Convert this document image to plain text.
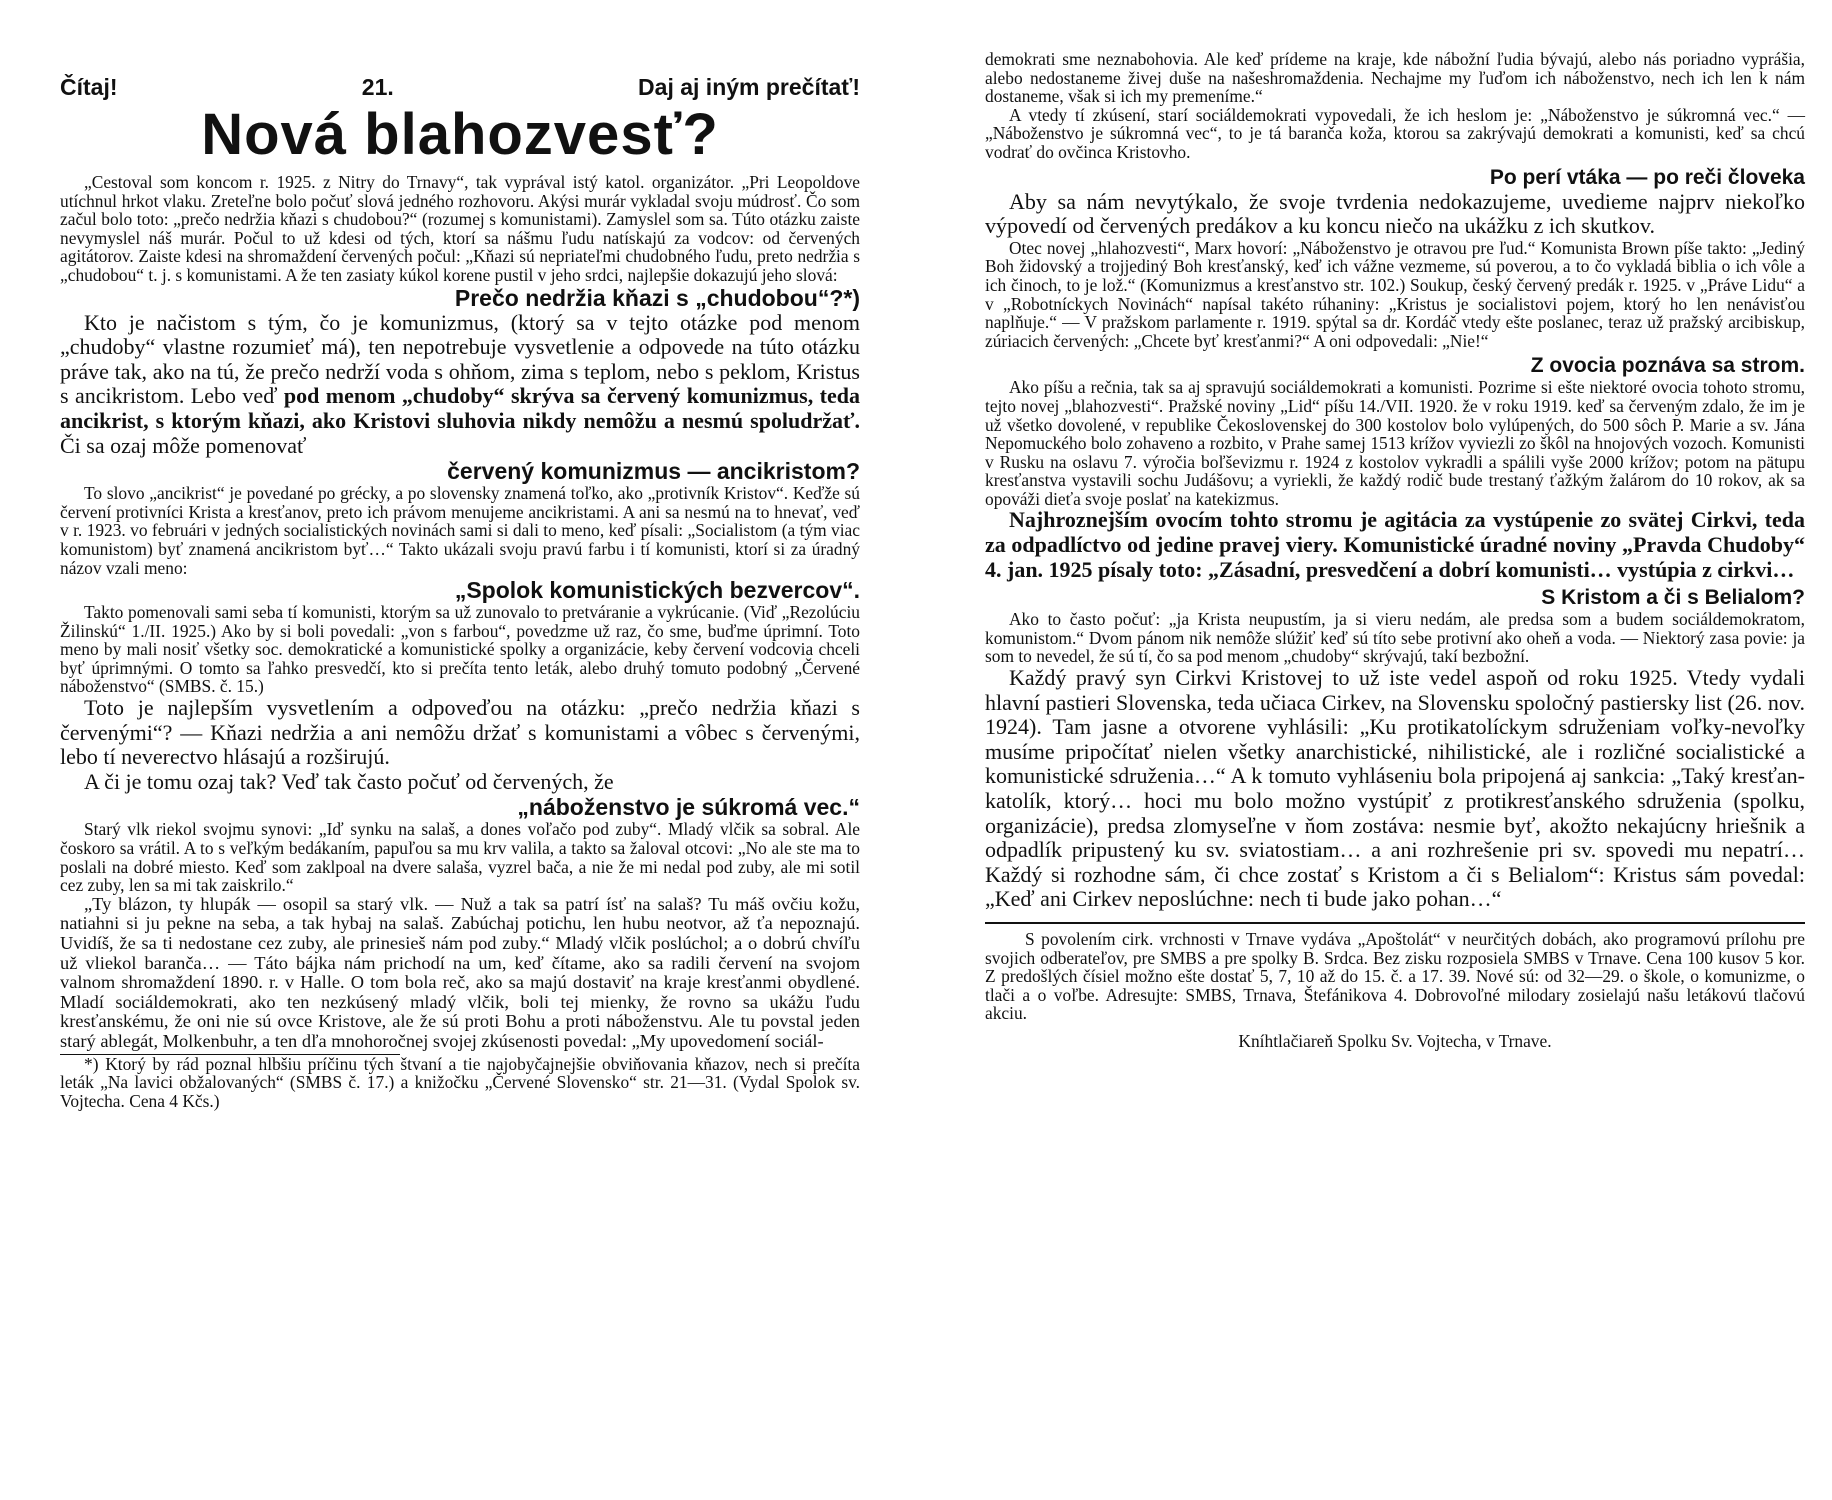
Čítaj!	21.	Daj aj iným prečítať!
Nová blahozvesť?

„Cestoval som koncom r. 1925. z Nitry do Trnavy“, tak vyprával istý katol. organizátor. „Pri Leopoldove utíchnul hrkot vlaku. Zreteľne bolo počuť slová jedného rozhovoru. Akýsi murár vykladal svoju múdrosť. Čo som začul bolo toto: „prečo nedržia kňazi s chudobou?“ (rozumej s komunistami). Zamyslel som sa. Túto otázku zaiste nevymyslel náš murár. Počul to už kdesi od tých, ktorí sa nášmu ľudu natískajú za vodcov: od červených agitátorov. Zaiste kdesi na shromaždení červených počul: „Kňazi sú nepriateľmi chudobného ľudu, preto nedržia s „chudobou“ t. j. s komunistami. A že ten zasiaty kúkol korene pustil v jeho srdci, najlepšie dokazujú jeho slová:

Prečo nedržia kňazi s „chudobou“?*)

Kto je načistom s tým, čo je komunizmus, (ktorý sa v tejto otázke pod menom „chudoby“ vlastne rozumieť má), ten nepotrebuje vysvetlenie a odpovede na túto otázku práve tak, ako na tú, že prečo nedrží voda s ohňom, zima s teplom, nebo s peklom, Kristus s ancikristom. Lebo veď pod menom „chudoby“ skrýva sa červený komunizmus, teda ancikrist, s ktorým kňazi, ako Kristovi sluhovia nikdy nemôžu a nesmú spoludržať. Či sa ozaj môže pomenovať

červený komunizmus — ancikristom?

To slovo „ancikrist“ je povedané po grécky, a po slovensky znamená toľko, ako „protivník Kristov“. Keďže sú červení protivníci Krista a kresťanov, preto ich právom menujeme ancikristami. A ani sa nesmú na to hnevať, veď v r. 1923. vo februári v jedných socialistických novinách sami si dali to meno, keď písali: „Socialistom (a tým viac komunistom) byť znamená ancikristom byť…“ Takto ukázali svoju pravú farbu i tí komunisti, ktorí si za úradný názov vzali meno:

„Spolok komunistických bezvercov“.

Takto pomenovali sami seba tí komunisti, ktorým sa už zunovalo to pretváranie a vykrúcanie. (Viď „Rezolúciu Žilinskú“ 1./II. 1925.) Ako by si boli povedali: „von s farbou“, povedzme už raz, čo sme, buďme úprimní. Toto meno by mali nosiť všetky soc. demokratické a komunistické spolky a organizácie, keby červení vodcovia chceli byť úprimnými. O tomto sa ľahko presvedčí, kto si prečíta tento leták, alebo druhý tomuto podobný „Červené náboženstvo“ (SMBS. č. 15.)

Toto je najlepším vysvetlením a odpoveďou na otázku: „prečo nedržia kňazi s červenými“? — Kňazi nedržia a ani nemôžu držať s komunistami a vôbec s červenými, lebo tí neverectvo hlásajú a rozširujú.

A či je tomu ozaj tak? Veď tak často počuť od červených, že

„náboženstvo je súkromá vec.“

Starý vlk riekol svojmu synovi: „Iď synku na salaš, a dones voľačo pod zuby“. Mladý vlčik sa sobral. Ale čoskoro sa vrátil. A to s veľkým bedákaním, papuľou sa mu krv valila, a takto sa žaloval otcovi: „No ale ste ma to poslali na dobré miesto. Keď som zaklpoal na dvere salaša, vyzrel bača, a nie že mi nedal pod zuby, ale mi sotil cez zuby, len sa mi tak zaiskrilo.“

„Ty blázon, ty hlupák — osopil sa starý vlk. — Nuž a tak sa patrí ísť na salaš? Tu máš ovčiu kožu, natiahni si ju pekne na seba, a tak hybaj na salaš. Zabúchaj potichu, len hubu neotvor, až ťa nepoznajú. Uvidíš, že sa ti nedostane cez zuby, ale prinesieš nám pod zuby.“ Mladý vlčik poslúchol; a o dobrú chvíľu už vliekol baranča… — Táto bájka nám prichodí na um, keď čítame, ako sa radili červení na svojom valnom shromaždení 1890. r. v Halle. O tom bola reč, ako sa majú dostaviť na kraje kresťanmi obydlené. Mladí sociáldemokrati, ako ten nezkúsený mladý vlčik, boli tej mienky, že rovno sa ukážu ľudu kresťanskému, že oni nie sú ovce Kristove, ale že sú proti Bohu a proti náboženstvu. Ale tu povstal jeden starý ablegát, Molkenbuhr, a ten dľa mnohoročnej svojej zkúsenosti povedal: „My upovedomení sociál-

*) Ktorý by rád poznal hlbšiu príčinu tých štvaní a tie najobyčajnejšie obviňovania kňazov, nech si prečíta leták „Na lavici obžalovaných“ (SMBS č. 17.) a knižočku „Červené Slovensko“ str. 21—31. (Vydal Spolok sv. Vojtecha. Cena 4 Kčs.)

demokrati sme neznabohovia. Ale keď prídeme na kraje, kde nábožní ľudia bývajú, alebo nás poriadno vyprášia, alebo nedostaneme živej duše na našeshromaždenia. Nechajme my ľuďom ich náboženstvo, nech ich len k nám dostaneme, však si ich my premeníme.“

A vtedy tí zkúsení, starí sociáldemokrati vypovedali, že ich heslom je: „Náboženstvo je súkromná vec.“ — „Náboženstvo je súkromná vec“, to je tá baranča koža, ktorou sa zakrývajú demokrati a komunisti, keď sa chcú vodrať do ovčinca Kristovho.

Po perí vtáka — po reči človeka

Aby sa nám nevytýkalo, že svoje tvrdenia nedokazujeme, uvedieme najprv niekoľko výpovedí od červených predákov a ku koncu niečo na ukážku z ich skutkov.

Otec novej „hlahozvesti“, Marx hovorí: „Náboženstvo je otravou pre ľud.“ Komunista Brown píše takto: „Jediný Boh židovský a trojjediný Boh kresťanský, keď ich vážne vezmeme, sú poverou, a to čo vykladá biblia o ich vôle a ich činoch, to je lož.“ (Komunizmus a kresťanstvo str. 102.) Soukup, český červený predák r. 1925. v „Práve Lidu“ a v „Robotníckych Novinách“ napísal takéto rúhaniny: „Kristus je socialistovi pojem, ktorý ho len nenávisťou naplňuje.“ — V pražskom parlamente r. 1919. spýtal sa dr. Kordáč vtedy ešte poslanec, teraz už pražský arcibiskup, zúriacich červených: „Chcete byť kresťanmi?“ A oni odpovedali: „Nie!“

Z ovocia poznáva sa strom.

Ako píšu a rečnia, tak sa aj spravujú sociáldemokrati a komunisti. Pozrime si ešte niektoré ovocia tohoto stromu, tejto novej „blahozvesti“. Pražské noviny „Lid“ píšu 14./VII. 1920. že v roku 1919. keď sa červeným zdalo, že im je už všetko dovolené, v republike Čekoslovenskej do 300 kostolov bolo vylúpených, do 500 sôch P. Marie a sv. Jána Nepomuckého bolo zohaveno a rozbito, v Prahe samej 1513 krížov vyviezli zo škôl na hnojových vozoch. Komunisti v Rusku na oslavu 7. výročia boľševizmu r. 1924 z kostolov vykradli a spálili vyše 2000 krížov; potom na pätupu kresťanstva vystavili sochu Judášovu; a vyriekli, že každý rodič bude trestaný ťažkým žalárom do 10 rokov, ak sa opováži dieťa svoje poslať na katekizmus.

Najhroznejším ovocím tohto stromu je agitácia za vystúpenie zo svätej Cirkvi, teda za odpadlíctvo od jedine pravej viery. Komunistické úradné noviny „Pravda Chudoby“ 4. jan. 1925 písaly toto: „Zásadní, presvedčení a dobrí komunisti… vystúpia z cirkvi…

S Kristom a či s Belialom?

Ako to často počuť: „ja Krista neupustím, ja si vieru nedám, ale predsa som a budem sociáldemokratom, komunistom.“ Dvom pánom nik nemôže slúžiť keď sú títo sebe protivní ako oheň a voda. — Niektorý zasa povie: ja som to nevedel, že sú tí, čo sa pod menom „chudoby“ skrývajú, takí bezbožní.

Každý pravý syn Cirkvi Kristovej to už iste vedel aspoň od roku 1925. Vtedy vydali hlavní pastieri Slovenska, teda učiaca Cirkev, na Slovensku spoločný pastiersky list (26. nov. 1924). Tam jasne a otvorene vyhlásili: „Ku protikatolíckym sdruženiam voľky-nevoľky musíme pripočítať nielen všetky anarchistické, nihilistické, ale i rozličné socialistické a komunistické sdruženia…“ A k tomuto vyhláseniu bola pripojená aj sankcia: „Taký kresťan-katolík, ktorý… hoci mu bolo možno vystúpiť z protikresťanského sdruženia (spolku, organizácie), predsa zlomyseľne v ňom zostáva: nesmie byť, akožto nekajúcny hriešnik a odpadlík pripustený ku sv. sviatostiam… a ani rozhrešenie pri sv. spovedi mu nepatrí… Každý si rozhodne sám, či chce zostať s Kristom a či s Belialom“: Kristus sám povedal: „Keď ani Cirkev neposlúchne: nech ti bude jako pohan…“

S povolením cirk. vrchnosti v Trnave vydáva „Apoštolát“ v neurčitých dobách, ako programovú prílohu pre svojich odberateľov, pre SMBS a pre spolky B. Srdca. Bez zisku rozposiela SMBS v Trnave. Cena 100 kusov 5 kor. Z predošlých čísiel možno ešte dostať 5, 7, 10 až do 15. č. a 17. 39. Nové sú: od 32—29. o škole, o komunizme, o tlači a o voľbe. Adresujte: SMBS, Trnava, Štefánikova 4. Dobrovoľné milodary zosielajú našu letákovú tlačovú akciu.

Kníhtlačiareň Spolku Sv. Vojtecha, v Trnave.
